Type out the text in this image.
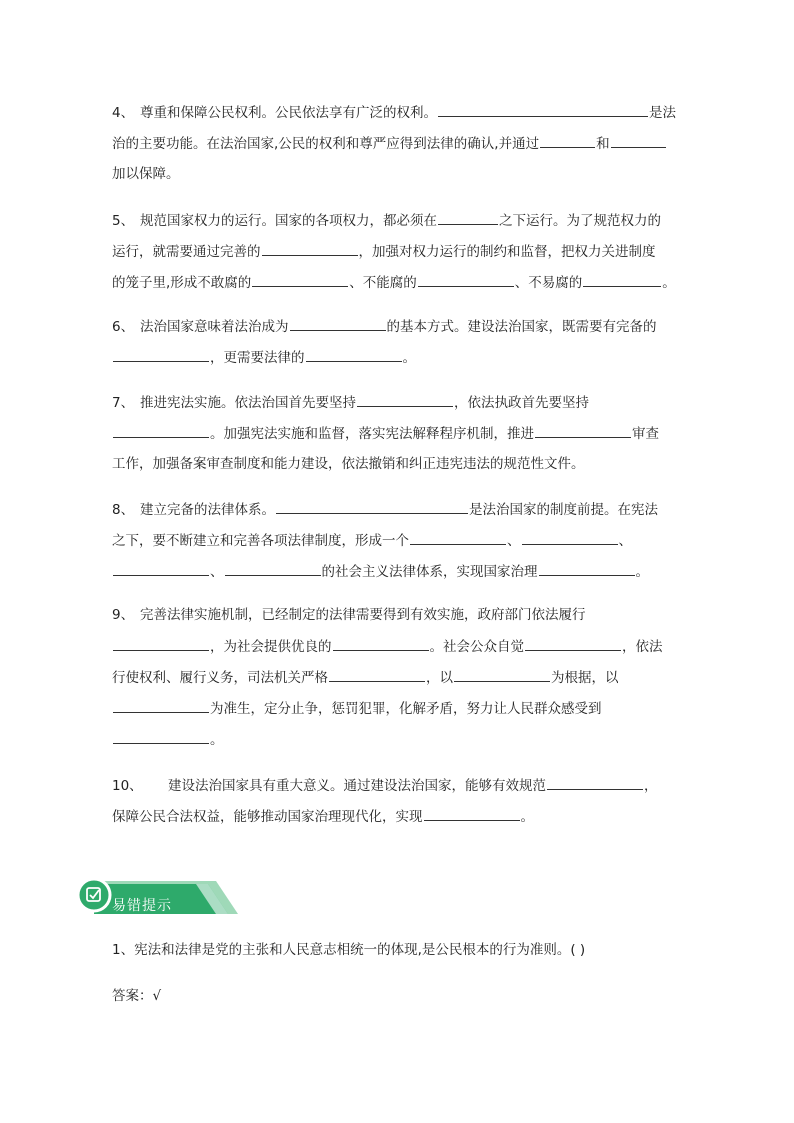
4、 尊重和保障公民权利。公民依法享有广泛的权利。	是法
治的主要功能。在法治国家,公民的权利和尊严应得到法律的确认,并通过	和
加以保障。
5、 规范国家权力的运行。国家的各项权力，都必须在	之下运行。为了规范权力的
运行，就需要通过完善的	，加强对权力运行的制约和监督，把权力关进制度
的笼子里,形成不敢腐的	、不能腐的	、不易腐的	。
6、 法治国家意味着法治成为	的基本方式。建设法治国家，既需要有完备的
，更需要法律的	。
7、 推进宪法实施。依法治国首先要坚持	，依法执政首先要坚持
。加强宪法实施和监督，落实宪法解释程序机制，推进	审查
工作，加强备案审查制度和能力建设，依法撤销和纠正违宪违法的规范性文件。
8、 建立完备的法律体系。	是法治国家的制度前提。在宪法
之下，要不断建立和完善各项法律制度，形成一个	、	、
、	的社会主义法律体系，实现国家治理	。
9、 完善法律实施机制，已经制定的法律需要得到有效实施，政府部门依法履行
，为社会提供优良的	。社会公众自觉	，依法
行使权利、履行义务，司法机关严格	，以	为根据，以
为准生，定分止争，惩罚犯罪，化解矛盾，努力让人民群众感受到
。
10、 建设法治国家具有重大意义。通过建设法治国家，能够有效规范	，
保障公民合法权益，能够推动国家治理现代化，实现	。
易错提示
1、宪法和法律是党的主张和人民意志相统一的体现,是公民根本的行为准则。( )
答案：√
